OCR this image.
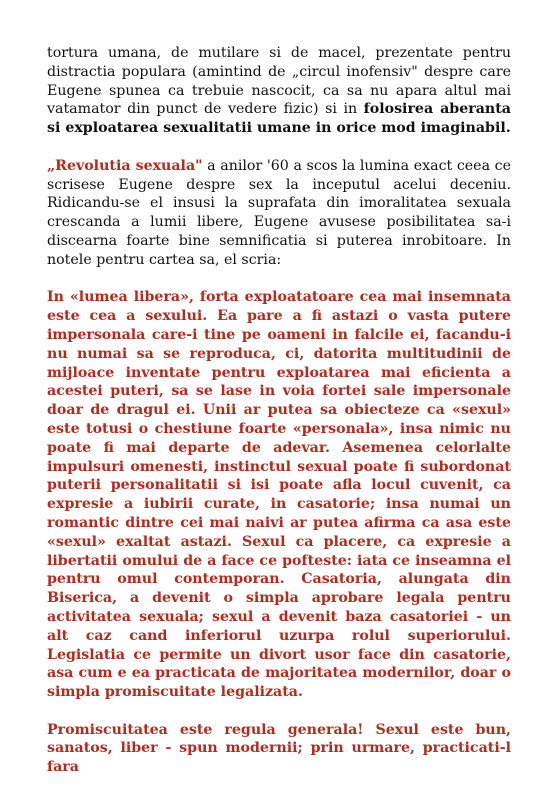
tortura umana, de mutilare si de macel, prezentate pentru distractia populara (amintind de „circul inofensiv" despre care Eugene spunea ca trebuie nascocit, ca sa nu apara altul mai vatamator din punct de vedere fizic) si in folosirea aberanta si exploatarea sexualitatii umane in orice mod imaginabil.

„Revolutia sexuala" a anilor '60 a scos la lumina exact ceea ce scrisese Eugene despre sex la inceputul acelui deceniu. Ridicandu-se el insusi la suprafata din imoralitatea sexuala crescanda a lumii libere, Eugene avusese posibilitatea sa-i discearna foarte bine semnificatia si puterea inrobitoare. In notele pentru cartea sa, el scria:

In «lumea libera», forta exploatatoare cea mai insemnata este cea a sexului. Ea pare a fi astazi o vasta putere impersonala care-i tine pe oameni in falcile ei, facandu-i nu numai sa se reproduca, ci, datorita multitudinii de mijloace inventate pentru exploatarea mai eficienta a acestei puteri, sa se lase in voia fortei sale impersonale doar de dragul ei. Unii ar putea sa obiecteze ca «sexul» este totusi o chestiune foarte «personala», insa nimic nu poate fi mai departe de adevar. Asemenea celorlalte impulsuri omenesti, instinctul sexual poate fi subordonat puterii personalitatii si isi poate afla locul cuvenit, ca expresie a iubirii curate, in casatorie; insa numai un romantic dintre cei mai naivi ar putea afirma ca asa este «sexul» exaltat astazi. Sexul ca placere, ca expresie a libertatii omului de a face ce pofteste: iata ce inseamna el pentru omul contemporan. Casatoria, alungata din Biserica, a devenit o simpla aprobare legala pentru activitatea sexuala; sexul a devenit baza casatoriei - un alt caz cand inferiorul uzurpa rolul superiorului. Legislatia ce permite un divort usor face din casatorie, asa cum e ea practicata de majoritatea modernilor, doar o simpla promiscuitate legalizata.

Promiscuitatea este regula generala! Sexul este bun, sanatos, liber - spun modernii; prin urmare, practicati-l fara
